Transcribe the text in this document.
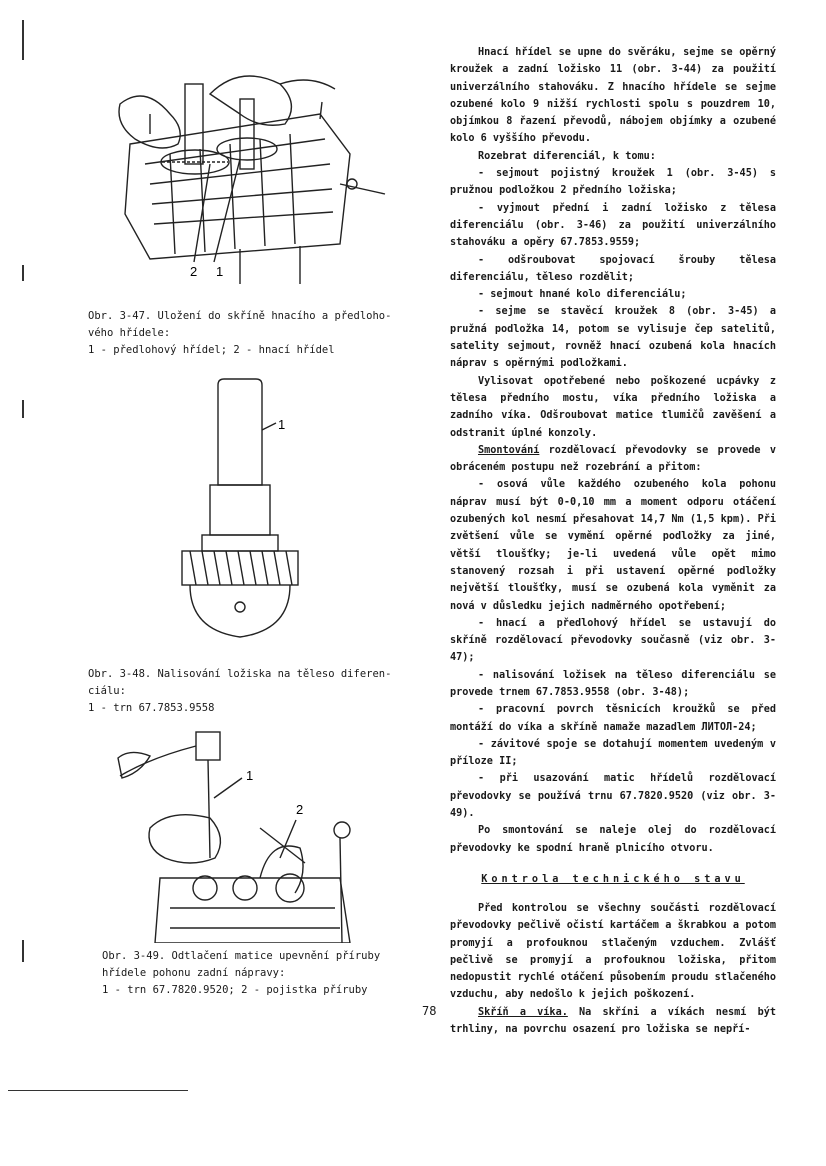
2 1
Obr. 3-47. Uložení do skříně hnacího a předloho-
vého hřídele:
1 - předlohový hřídel; 2 - hnací hřídel
1
Obr. 3-48. Nalisování ložiska na těleso diferen-
ciálu:
1 - trn 67.7853.9558
1
2
Obr. 3-49. Odtlačení matice upevnění příruby
hřídele pohonu zadní nápravy:
1 - trn 67.7820.9520; 2 - pojistka příruby

Hnací hřídel se upne do svěráku, sejme se opěrný kroužek a zadní ložisko 11 (obr. 3-44) za použití univerzálního stahováku. Z hnacího hřídele se sejme ozubené kolo 9 nižší rychlosti spolu s pouzdrem 10, objímkou 8 řazení převodů, nábojem objímky a ozubené kolo 6 vyššího převodu.

Rozebrat diferenciál, k tomu:

- sejmout pojistný kroužek 1 (obr. 3-45) s pružnou podložkou 2 předního ložiska;

- vyjmout přední i zadní ložisko z tělesa diferenciálu (obr. 3-46) za použití univerzálního stahováku a opěry 67.7853.9559;

- odšroubovat spojovací šrouby tělesa diferenciálu, těleso rozdělit;

- sejmout hnané kolo diferenciálu;

- sejme se stavěcí kroužek 8 (obr. 3-45) a pružná podložka 14, potom se vylisuje čep satelitů, satelity sejmout, rovněž hnací ozubená kola hnacích náprav s opěrnými podložkami.

Vylisovat opotřebené nebo poškozené ucpávky z tělesa předního mostu, víka předního ložiska a zadního víka. Odšroubovat matice tlumičů zavěšení a odstranit úplné konzoly.

Smontování rozdělovací převodovky se provede v obráceném postupu než rozebrání a přitom:

- osová vůle každého ozubeného kola pohonu náprav musí být 0-0,10 mm a moment odporu otáčení ozubených kol nesmí přesahovat 14,7 Nm (1,5 kpm). Při zvětšení vůle se vymění opěrné podložky za jiné, větší tloušťky; je-li uvedená vůle opět mimo stanovený rozsah i při ustavení opěrné podložky největší tloušťky, musí se ozubená kola vyměnit za nová v důsledku jejich nadměrného opotřebení;

- hnací a předlohový hřídel se ustavují do skříně rozdělovací převodovky současně (viz obr. 3-47);

- nalisování ložisek na těleso diferenciálu se provede trnem 67.7853.9558 (obr. 3-48);

- pracovní povrch těsnicích kroužků se před montáží do víka a skříně namaže mazadlem ЛИТОЛ-24;

- závitové spoje se dotahují momentem uvedeným v příloze II;

- při usazování matic hřídelů rozdělovací převodovky se používá trnu 67.7820.9520 (viz obr. 3-49).

Po smontování se naleje olej do rozdělovací převodovky ke spodní hraně plnicího otvoru.

Kontrola technického stavu

Před kontrolou se všechny součásti rozdělovací převodovky pečlivě očistí kartáčem a škrabkou a potom promyjí a profouknou stlačeným vzduchem. Zvlášť pečlivě se promyjí a profouknou ložiska, přitom nedopustit rychlé otáčení působením proudu stlačeného vzduchu, aby nedošlo k jejich poškození.

Skříň a víka. Na skříni a víkách nesmí být trhliny, na povrchu osazení pro ložiska se nepří-

78
